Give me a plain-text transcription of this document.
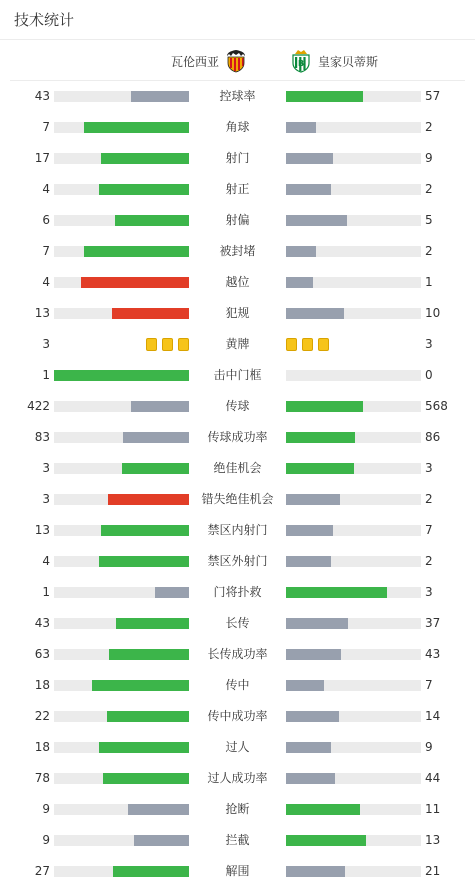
技术统计
瓦伦西亚	B 皇家贝蒂斯
43	控球率	57
7	角球	2
17	射门	9
4	射正	2
6	射偏	5
7	被封堵	2
4	越位	1
13	犯规	10
3	黄牌	3
1	击中门框	0
422	传球	568
83	传球成功率	86
3	绝佳机会	3
3	错失绝佳机会	2
13	禁区内射门	7
4	禁区外射门	2
1	门将扑救	3
43	长传	37
63	长传成功率	43
18	传中	7
22	传中成功率	14
18	过人	9
78	过人成功率	44
9	抢断	11
9	拦截	13
27	解围	21
